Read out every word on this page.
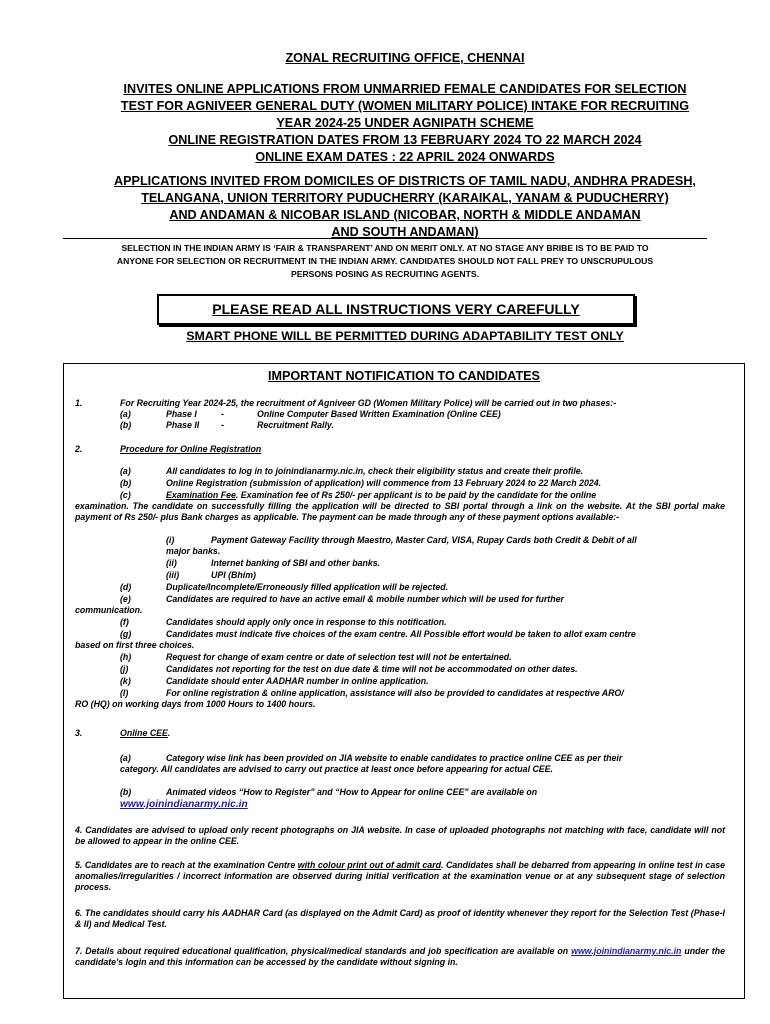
ZONAL RECRUITING OFFICE, CHENNAI
INVITES ONLINE APPLICATIONS FROM UNMARRIED FEMALE CANDIDATES FOR SELECTION
TEST FOR AGNIVEER GENERAL DUTY (WOMEN MILITARY POLICE) INTAKE FOR RECRUITING
YEAR 2024-25 UNDER AGNIPATH SCHEME
ONLINE REGISTRATION DATES FROM 13 FEBRUARY 2024 TO 22 MARCH 2024
ONLINE EXAM DATES : 22 APRIL 2024 ONWARDS
APPLICATIONS INVITED FROM DOMICILES OF DISTRICTS OF TAMIL NADU, ANDHRA PRADESH,
TELANGANA, UNION TERRITORY PUDUCHERRY (KARAIKAL, YANAM & PUDUCHERRY)
AND ANDAMAN & NICOBAR ISLAND (NICOBAR, NORTH & MIDDLE ANDAMAN
AND SOUTH ANDAMAN)
SELECTION IN THE INDIAN ARMY IS ‘FAIR & TRANSPARENT’ AND ON MERIT ONLY. AT NO STAGE ANY BRIBE IS TO BE PAID TO
ANYONE FOR SELECTION OR RECRUITMENT IN THE INDIAN ARMY. CANDIDATES SHOULD NOT FALL PREY TO UNSCRUPULOUS
PERSONS POSING AS RECRUITING AGENTS.
PLEASE READ ALL INSTRUCTIONS VERY CAREFULLY
SMART PHONE WILL BE PERMITTED DURING ADAPTABILITY TEST ONLY
IMPORTANT NOTIFICATION TO CANDIDATES
1.	For Recruiting Year 2024-25, the recruitment of Agniveer GD (Women Military Police) will be carried out in two phases:-
(a)	Phase I	-	Online Computer Based Written Examination (Online CEE)
(b)	Phase II -	Recruitment Rally.
2.	Procedure for Online Registration
(a)	All candidates to log in to joinindianarmy.nic.in, check their eligibility status and create their profile.
(b)	Online Registration (submission of application) will commence from 13 February 2024 to 22 March 2024.
(c)	Examination Fee. Examination fee of Rs 250/- per applicant is to be paid by the candidate for the online
examination. The candidate on successfully filling the application will be directed to SBI portal through a link on the website. At the SBI portal make payment of Rs 250/- plus Bank charges as applicable. The payment can be made through any of these payment options available:-
(i)	Payment Gateway Facility through Maestro, Master Card, VISA, Rupay Cards both Credit & Debit of all
major banks.
(ii)	Internet banking of SBI and other banks.
(iii)	UPI (Bhim)
(d)	Duplicate/Incomplete/Erroneously filled application will be rejected.
(e)	Candidates are required to have an active email & mobile number which will be used for further
communication.
(f)	Candidates should apply only once in response to this notification.
(g)	Candidates must indicate five choices of the exam centre. All Possible effort would be taken to allot exam centre
based on first three choices.
(h)	Request for change of exam centre or date of selection test will not be entertained.
(j)	Candidates not reporting for the test on due date & time will not be accommodated on other dates.
(k)	Candidate should enter AADHAR number in online application.
(l)	For online registration & online application, assistance will also be provided to candidates at respective ARO/
RO (HQ) on working days from 1000 Hours to 1400 hours.
3.	Online CEE.
(a)	Category wise link has been provided on JIA website to enable candidates to practice online CEE as per their
category. All candidates are advised to carry out practice at least once before appearing for actual CEE.
(b)	Animated videos “How to Register” and “How to Appear for online CEE” are available on
www.joinindianarmy.nic.in
4. Candidates are advised to upload only recent photographs on JIA website. In case of uploaded photographs not matching with face, candidate will not be allowed to appear in the online CEE.
5. Candidates are to reach at the examination Centre with colour print out of admit card. Candidates shall be debarred from appearing in online test in case anomalies/irregularities / incorrect information are observed during initial verification at the examination venue or at any subsequent stage of selection process.
6. The candidates should carry his AADHAR Card (as displayed on the Admit Card) as proof of identity whenever they report for the Selection Test (Phase-I & II) and Medical Test.
7. Details about required educational qualification, physical/medical standards and job specification are available on www.joinindianarmy.nic.in under the candidate's login and this information can be accessed by the candidate without signing in.
